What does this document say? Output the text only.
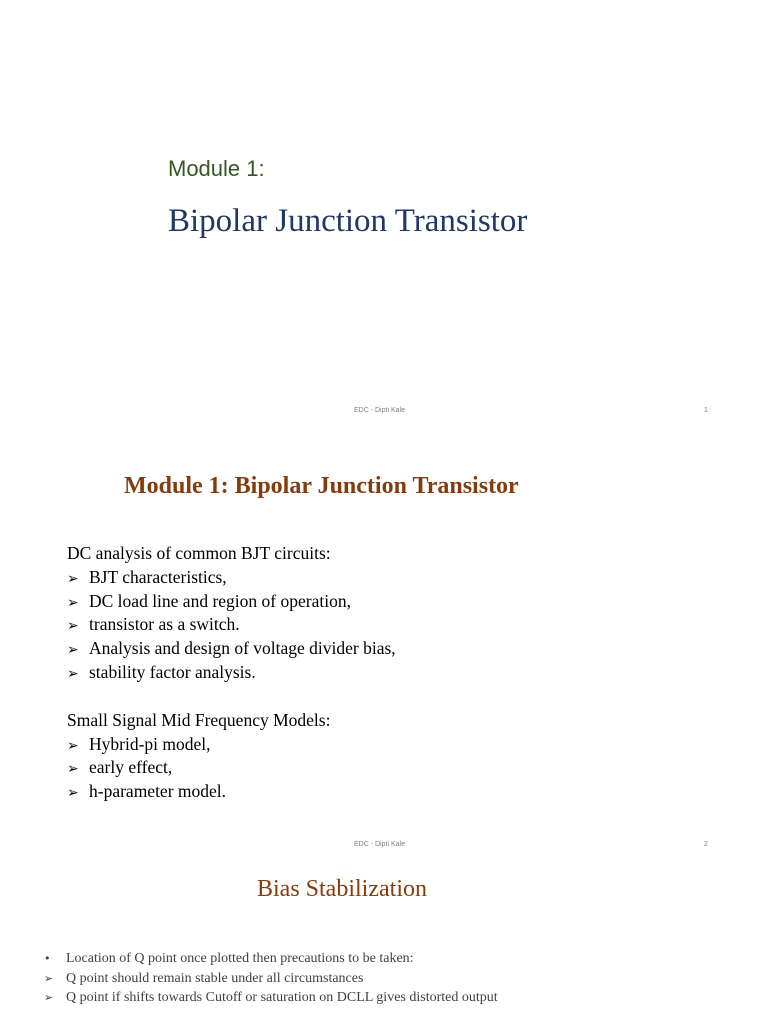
Module 1:
Bipolar Junction Transistor
EDC - Dipti Kale	1
Module 1: Bipolar Junction Transistor
DC analysis of common BJT circuits:
➢ BJT characteristics,
➢ DC load line and region of operation,
➢ transistor as a switch.
➢ Analysis and design of voltage divider bias,
➢ stability factor analysis.
Small Signal Mid Frequency Models:
➢ Hybrid-pi model,
➢ early effect,
➢ h-parameter model.
EDC - Dipti Kale	2
Bias Stabilization
• Location of Q point once plotted then precautions to be taken:
➢ Q point should remain stable under all circumstances
➢ Q point if shifts towards Cutoff or saturation on DCLL gives distorted output
